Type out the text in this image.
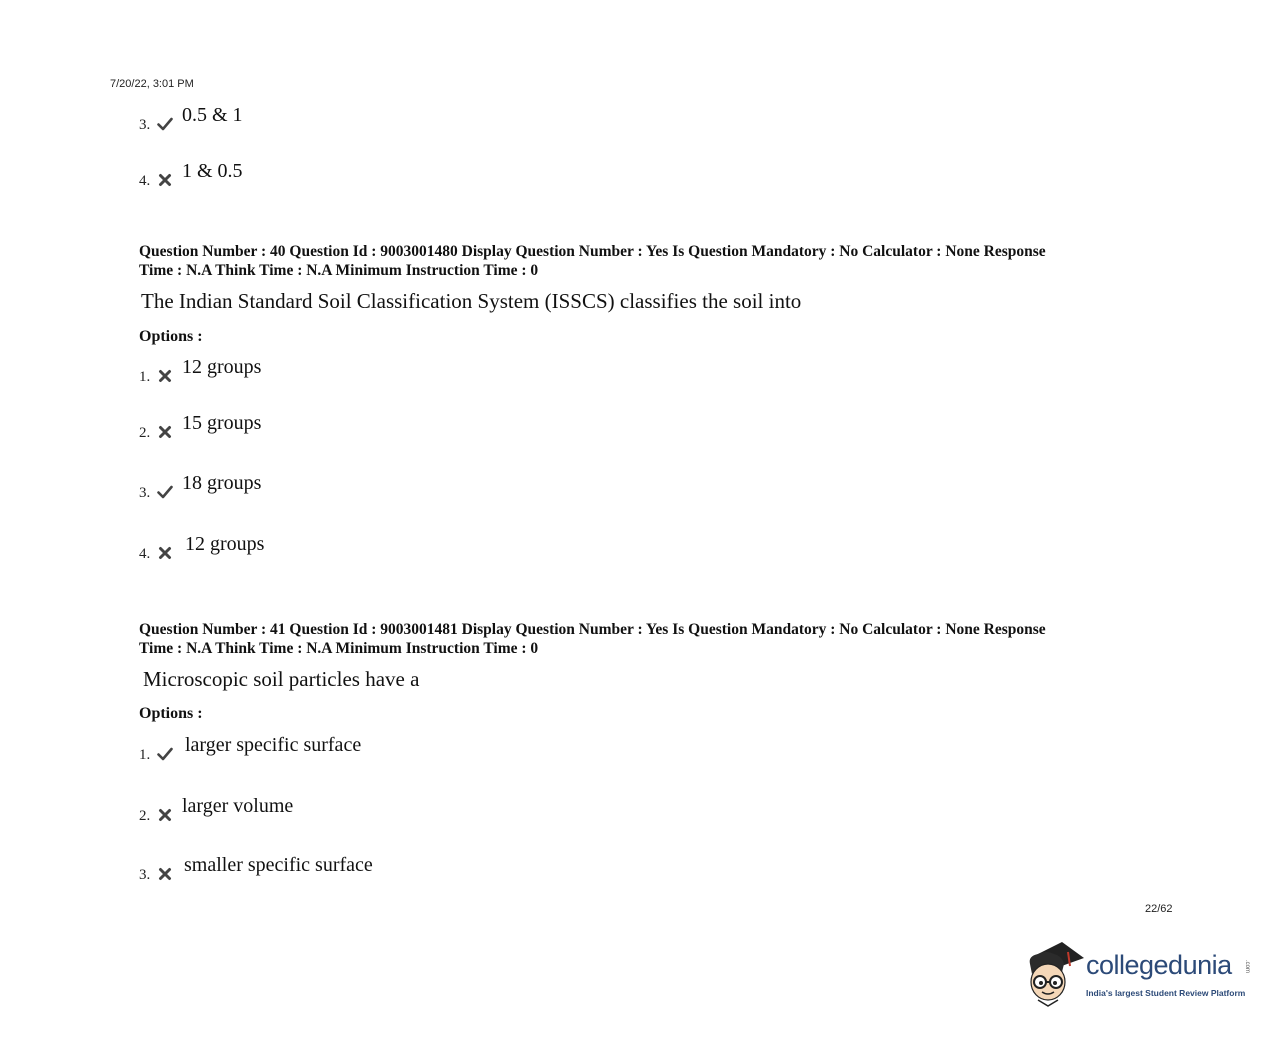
7/20/22, 3:01 PM
3. 0.5 & 1
4. 1 & 0.5
Question Number : 40 Question Id : 9003001480 Display Question Number : Yes Is Question Mandatory : No Calculator : None Response
Time : N.A Think Time : N.A Minimum Instruction Time : 0
The Indian Standard Soil Classification System (ISSCS) classifies the soil into
Options :
1. 12 groups
2. 15 groups
3. 18 groups
4. 12 groups
Question Number : 41 Question Id : 9003001481 Display Question Number : Yes Is Question Mandatory : No Calculator : None Response
Time : N.A Think Time : N.A Minimum Instruction Time : 0
Microscopic soil particles have a
Options :
1. larger specific surface
2. larger volume
3. smaller specific surface
22/62
collegedunia .com
India's largest Student Review Platform
